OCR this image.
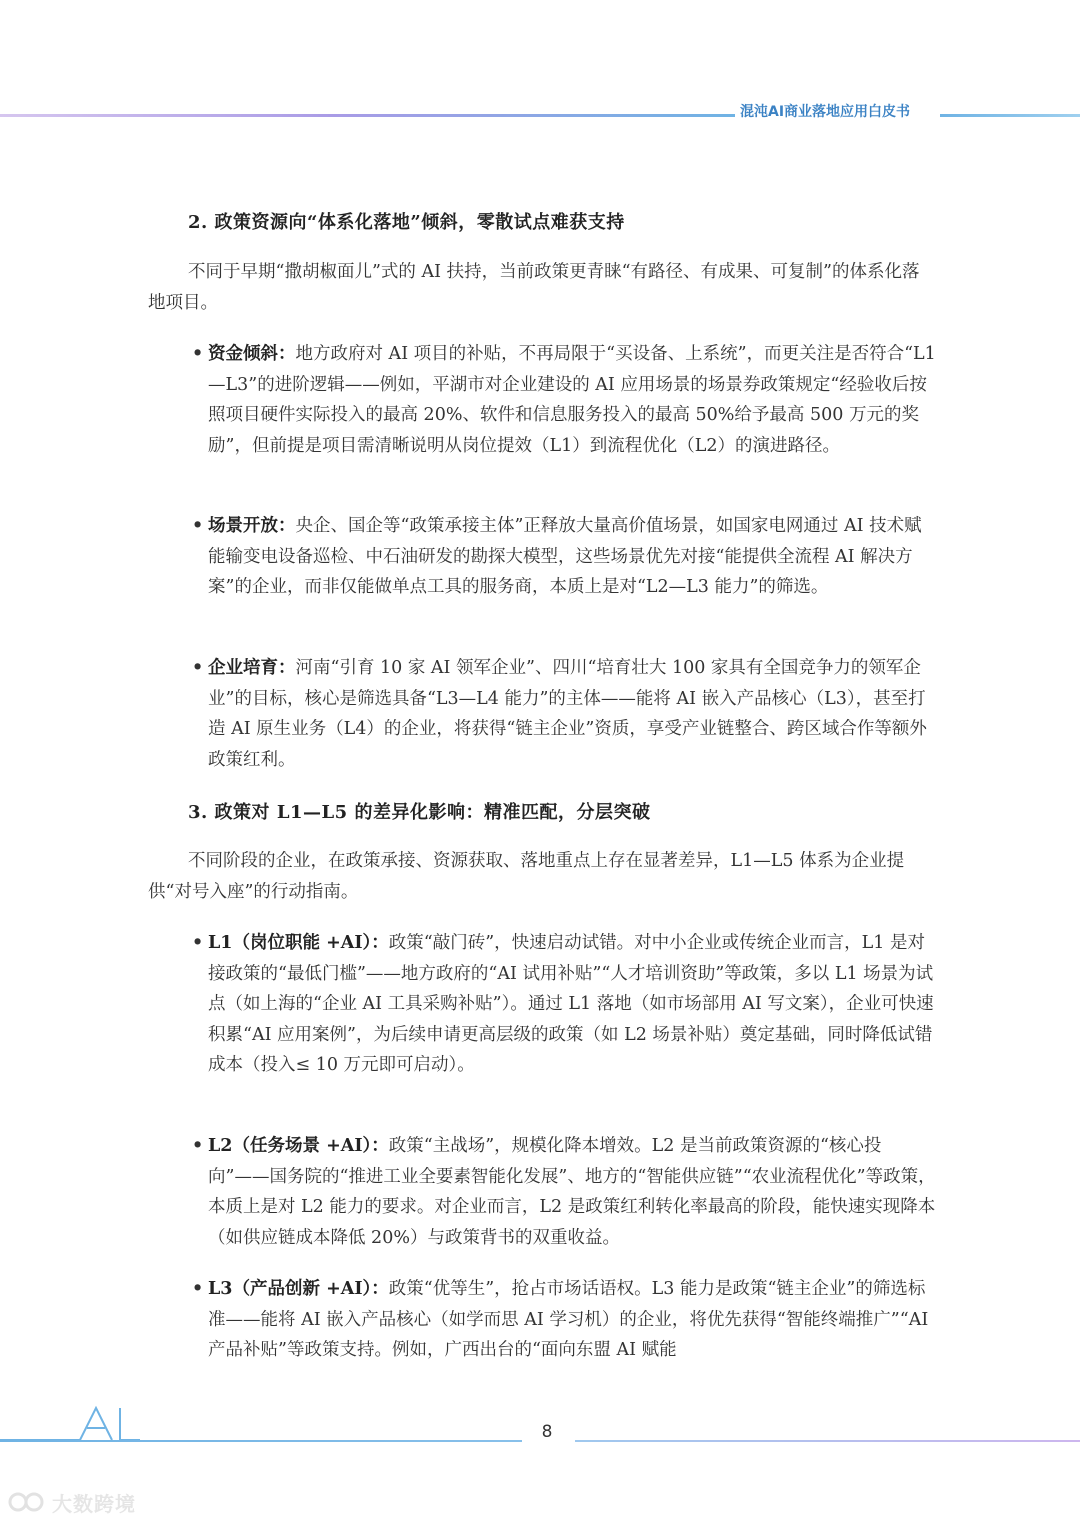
混沌AI商业落地应用白皮书
2. 政策资源向“体系化落地”倾斜，零散试点难获支持

不同于早期“撒胡椒面儿”式的 AI 扶持，当前政策更青睐“有路径、有成果、可复制”的体系化落地项目。

• 资金倾斜：地方政府对 AI 项目的补贴，不再局限于“买设备、上系统”，而更关注是否符合“L1—L3”的进阶逻辑——例如，平湖市对企业建设的 AI 应用场景的场景券政策规定“经验收后按照项目硬件实际投入的最高 20%、软件和信息服务投入的最高 50%给予最高 500 万元的奖励”，但前提是项目需清晰说明从岗位提效（L1）到流程优化（L2）的演进路径。
• 场景开放：央企、国企等“政策承接主体”正释放大量高价值场景，如国家电网通过 AI 技术赋能输变电设备巡检、中石油研发的勘探大模型，这些场景优先对接“能提供全流程 AI 解决方案”的企业，而非仅能做单点工具的服务商，本质上是对“L2—L3 能力”的筛选。
• 企业培育：河南“引育 10 家 AI 领军企业”、四川“培育壮大 100 家具有全国竞争力的领军企业”的目标，核心是筛选具备“L3—L4 能力”的主体——能将 AI 嵌入产品核心（L3），甚至打造 AI 原生业务（L4）的企业，将获得“链主企业”资质，享受产业链整合、跨区域合作等额外政策红利。
3. 政策对 L1—L5 的差异化影响：精准匹配，分层突破

不同阶段的企业，在政策承接、资源获取、落地重点上存在显著差异，L1—L5 体系为企业提供“对号入座”的行动指南。

• L1（岗位职能 +AI）：政策“敲门砖”，快速启动试错。对中小企业或传统企业而言，L1 是对接政策的“最低门槛”——地方政府的“AI 试用补贴”“人才培训资助”等政策，多以 L1 场景为试点（如上海的“企业 AI 工具采购补贴”）。通过 L1 落地（如市场部用 AI 写文案），企业可快速积累“AI 应用案例”，为后续申请更高层级的政策（如 L2 场景补贴）奠定基础，同时降低试错成本（投入≤ 10 万元即可启动）。
• L2（任务场景 +AI）：政策“主战场”，规模化降本增效。L2 是当前政策资源的“核心投向”——国务院的“推进工业全要素智能化发展”、地方的“智能供应链”“农业流程优化”等政策，本质上是对 L2 能力的要求。对企业而言，L2 是政策红利转化率最高的阶段，能快速实现降本（如供应链成本降低 20%）与政策背书的双重收益。
• L3（产品创新 +AI）：政策“优等生”，抢占市场话语权。L3 能力是政策“链主企业”的筛选标准——能将 AI 嵌入产品核心（如学而思 AI 学习机）的企业，将优先获得“智能终端推广”“AI 产品补贴”等政策支持。例如，广西出台的“面向东盟 AI 赋能
AI	8
大数跨境
